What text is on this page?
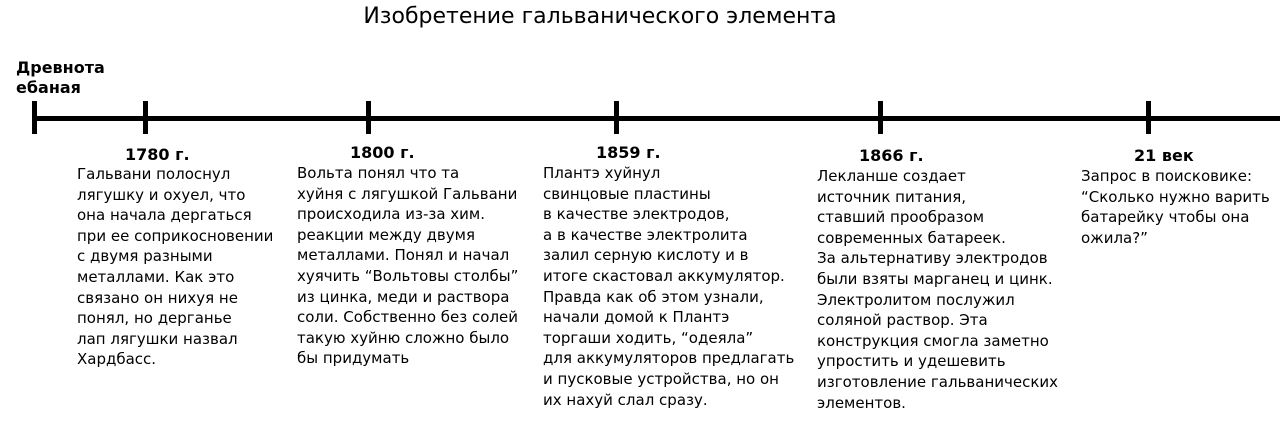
Изобретение гальванического элемента
Древнота
ебаная
1780 г.
Гальвани полоснул
лягушку и охуел, что
она начала дергаться
при ее соприкосновении
с двумя разными
металлами. Как это
связано он нихуя не
понял, но дерганье
лап лягушки назвал
Хардбасс.
1800 г.
Вольта понял что та
хуйня с лягушкой Гальвани
происходила из-за хим.
реакции между двумя
металлами. Понял и начал
хуячить “Вольтовы столбы”
из цинка, меди и раствора
соли. Собственно без солей
такую хуйню сложно было
бы придумать
1859 г.
Плантэ хуйнул
свинцовые пластины
в качестве электродов,
а в качестве электролита
залил серную кислоту и в
итоге скастовал аккумулятор.
Правда как об этом узнали,
начали домой к Плантэ
торгаши ходить, “одеяла”
для аккумуляторов предлагать
и пусковые устройства, но он
их нахуй слал сразу.
1866 г.
Лекланше создает
источник питания,
ставший прообразом
современных батареек.
За альтернативу электродов
были взяты марганец и цинк.
Электролитом послужил
соляной раствор. Эта
конструкция смогла заметно
упростить и удешевить
изготовление гальванических
элементов.
21 век
Запрос в поисковике:
“Сколько нужно варить
батарейку чтобы она
ожила?”
